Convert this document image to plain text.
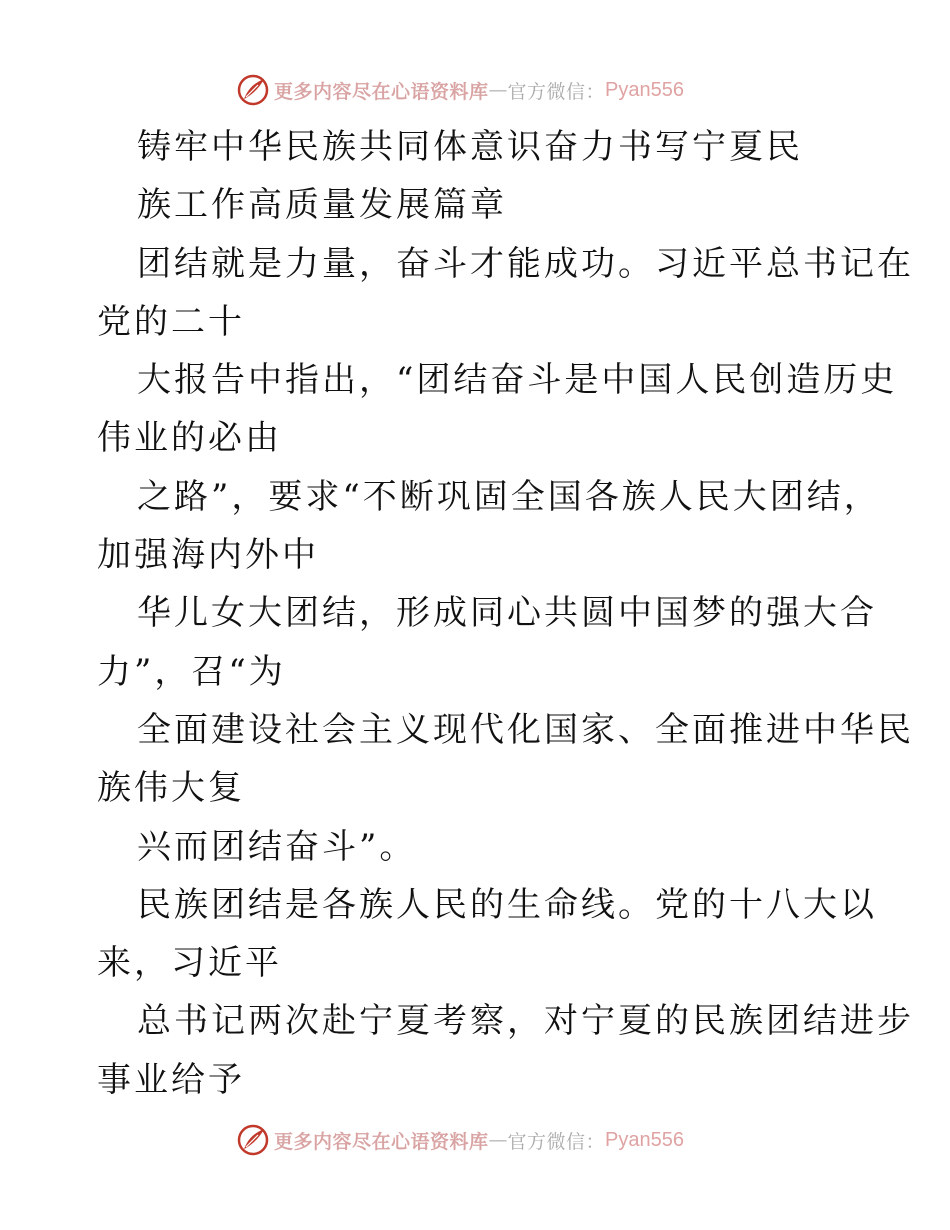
更多内容尽在心语资料库 — 官方微信： Pyan556
铸牢中华民族共同体意识奋力书写宁夏民
族工作高质量发展篇章
团结就是力量，奋斗才能成功。习近平总书记在
党的二十
大报告中指出，“团结奋斗是中国人民创造历史
伟业的必由
之路”，要求“不断巩固全国各族人民大团结，
加强海内外中
华儿女大团结，形成同心共圆中国梦的强大合
力”，召“为
全面建设社会主义现代化国家、全面推进中华民
族伟大复
兴而团结奋斗”。
民族团结是各族人民的生命线。党的十八大以
来，习近平
总书记两次赴宁夏考察，对宁夏的民族团结进步
事业给予
更多内容尽在心语资料库 — 官方微信： Pyan556
